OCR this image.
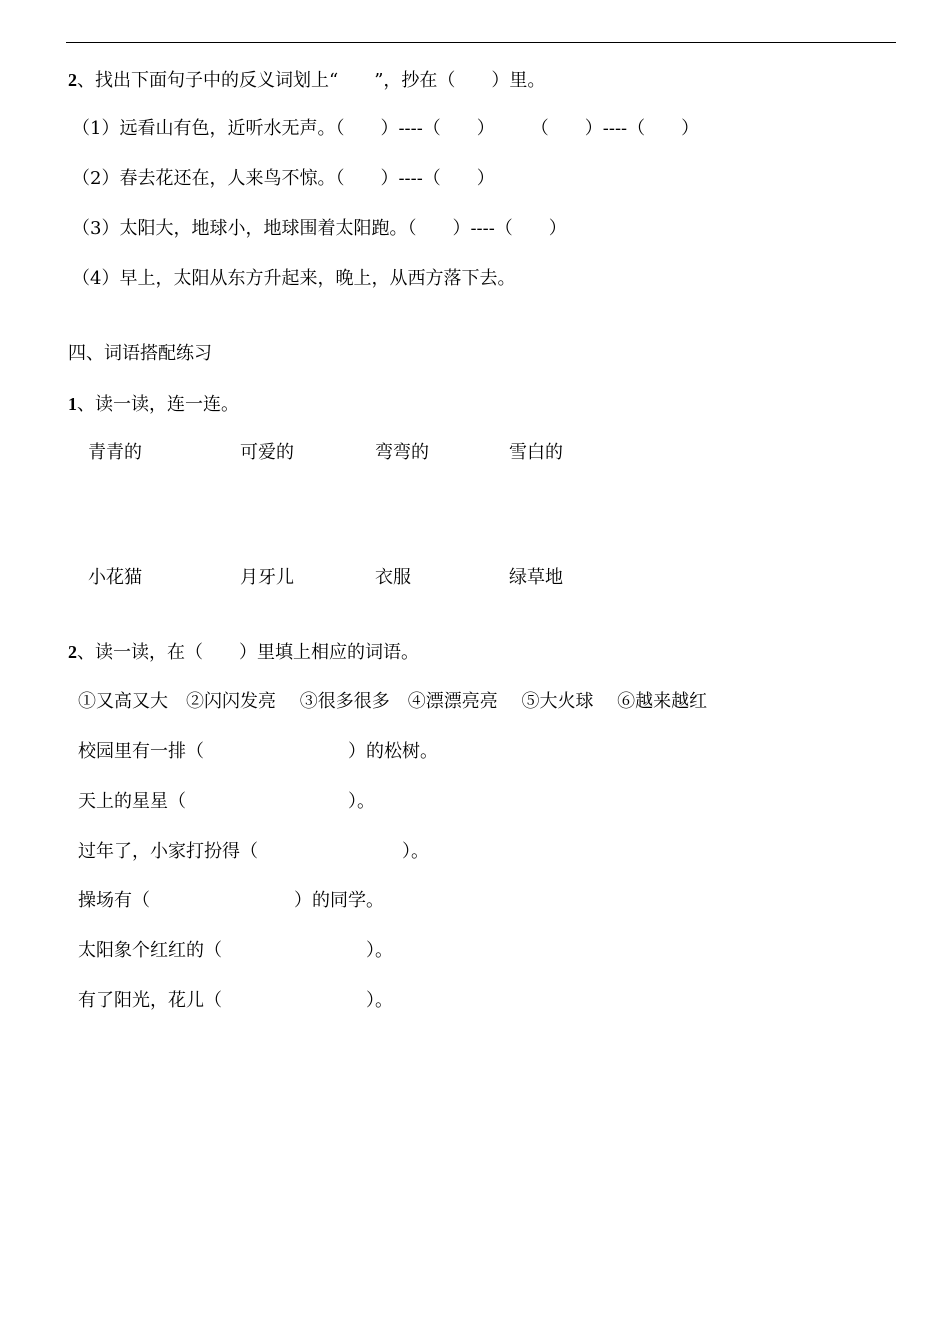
2、找出下面句子中的反义词划上“　　”，抄在（　　）里。
（1）远看山有色，近听水无声。（　　）----（　　）　　　（　　）----（　　）
（2）春去花还在，人来鸟不惊。（　　）----（　　）
（3）太阳大，地球小，地球围着太阳跑。（　　）----（　　）
（4）早上，太阳从东方升起来，晚上，从西方落下去。
四、词语搭配练习
1、读一读，连一连。
青青的	可爱的	弯弯的	雪白的
小花猫	月牙儿	衣服	绿草地
2、读一读，在（　　）里填上相应的词语。
①又高又大　②闪闪发亮　 ③很多很多　④漂漂亮亮　 ⑤大火球　 ⑥越来越红
校园里有一排（　　　　　　　　）的松树。
天上的星星（　　　　　　　　　）。
过年了，小家打扮得（　　　　　　　　）。
操场有（　　　　　　　　）的同学。
太阳象个红红的（　　　　　　　　）。
有了阳光，花儿（　　　　　　　　）。
